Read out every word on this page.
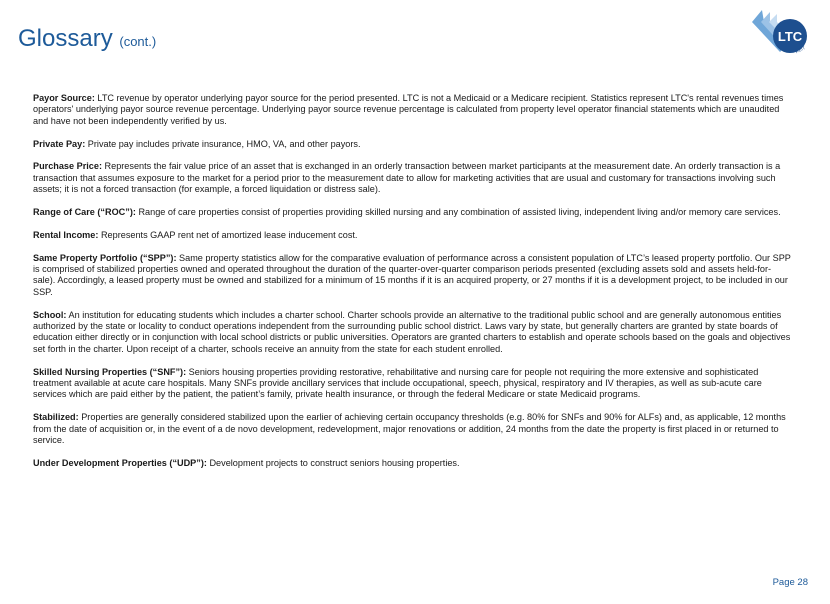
Glossary (cont.)	LTC
REIT

Payor Source: LTC revenue by operator underlying payor source for the period presented. LTC is not a Medicaid or a Medicare recipient. Statistics represent LTC's rental revenues times operators' underlying payor source revenue percentage. Underlying payor source revenue percentage is calculated from property level operator financial statements which are unaudited and have not been independently verified by us.

Private Pay: Private pay includes private insurance, HMO, VA, and other payors.

Purchase Price: Represents the fair value price of an asset that is exchanged in an orderly transaction between market participants at the measurement date. An orderly transaction is a transaction that assumes exposure to the market for a period prior to the measurement date to allow for marketing activities that are usual and customary for transactions involving such assets; it is not a forced transaction (for example, a forced liquidation or distress sale).

Range of Care (“ROC”): Range of care properties consist of properties providing skilled nursing and any combination of assisted living, independent living and/or memory care services.

Rental Income: Represents GAAP rent net of amortized lease inducement cost.

Same Property Portfolio (“SPP”): Same property statistics allow for the comparative evaluation of performance across a consistent population of LTC’s leased property portfolio. Our SPP is comprised of stabilized properties owned and operated throughout the duration of the quarter-over-quarter comparison periods presented (excluding assets sold and assets held-for-sale). Accordingly, a leased property must be owned and stabilized for a minimum of 15 months if it is an acquired property, or 27 months if it is a development project, to be included in our SSP.

School: An institution for educating students which includes a charter school. Charter schools provide an alternative to the traditional public school and are generally autonomous entities authorized by the state or locality to conduct operations independent from the surrounding public school district. Laws vary by state, but generally charters are granted by state boards of education either directly or in conjunction with local school districts or public universities. Operators are granted charters to establish and operate schools based on the goals and objectives set forth in the charter. Upon receipt of a charter, schools receive an annuity from the state for each student enrolled.

Skilled Nursing Properties (“SNF”): Seniors housing properties providing restorative, rehabilitative and nursing care for people not requiring the more extensive and sophisticated treatment available at acute care hospitals. Many SNFs provide ancillary services that include occupational, speech, physical, respiratory and IV therapies, as well as sub-acute care services which are paid either by the patient, the patient’s family, private health insurance, or through the federal Medicare or state Medicaid programs.

Stabilized: Properties are generally considered stabilized upon the earlier of achieving certain occupancy thresholds (e.g. 80% for SNFs and 90% for ALFs) and, as applicable, 12 months from the date of acquisition or, in the event of a de novo development, redevelopment, major renovations or addition, 24 months from the date the property is first placed in or returned to service.

Under Development Properties (“UDP”): Development projects to construct seniors housing properties.

Page 28
